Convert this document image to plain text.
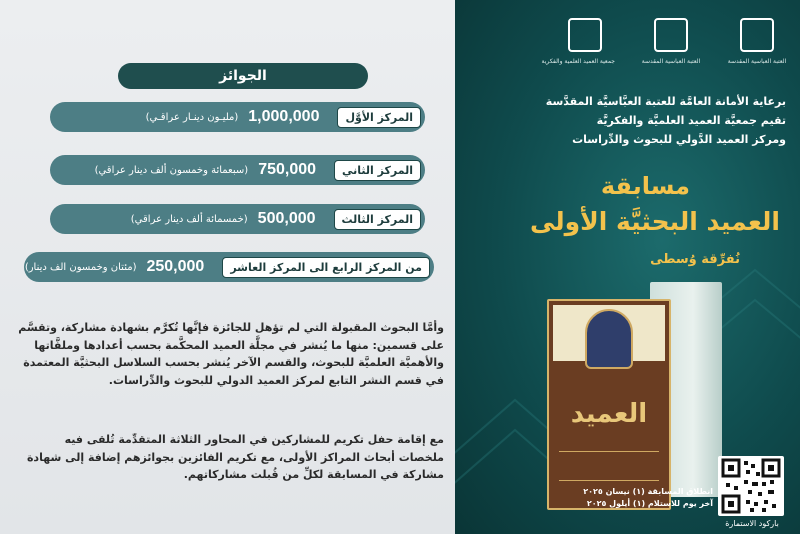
الجوائز
المركز الأوَّل
1,000,000
(مليـون دينـار عراقـي)
المركز الثاني
750,000
(سبعمائة وخمسون ألف دينار عراقي)
المركز الثالث
500,000
(خمسمائة ألف دينار عراقي)
من المركز الرابع الى المركز العاشر
250,000
(مئتان وخمسون الف دينار)

وأمَّا البحوث المقبولة التي لم تؤهل للجائزة فإنَّها تُكرَّم بشهادة مشاركة، وتقسَّم على قسمين: منها ما يُنشر في مجلَّة العميد المحكَّمة بحسب أعدادها وملفَّاتها والأهميَّة العلميَّة للبحوث، والقسم الآخر يُنشر بحسب السلاسل البحثيَّة المعتمدة في قسم النشر التابع لمركز العميد الدولي للبحوث والدِّراسات.

مع إقامة حفل تكريم للمشاركين في المحاور الثلاثة المتقدِّمة تُلقى فيه ملخصات أبحاث المراكز الأولى، مع تكريم الفائزين بجوائزهم إضافة إلى شهادة مشاركة في المسابقة لكلِّ من قُبلت مشاركاتهم.

جمعية العميد العلمية والفكرية	العتبة العباسية المقدسة	العتبة العباسية المقدسة
برعاية الأمانة العامَّة للعتبة العبَّاسيَّة المقدَّسة
تقيم جمعيَّة العميد العلميَّة والفكريَّة
ومركز العميد الدَّولي للبحوث والدِّراسات
مسابقة
العميد البحثيَّة الأولى
نُفرِّقة وُسطى
العميد
انطلاق المسابقة (١) نيسان ٢٠٢٥
آخر يوم للاستلام (١) أيلول ٢٠٢٥
باركود الاستمارة
